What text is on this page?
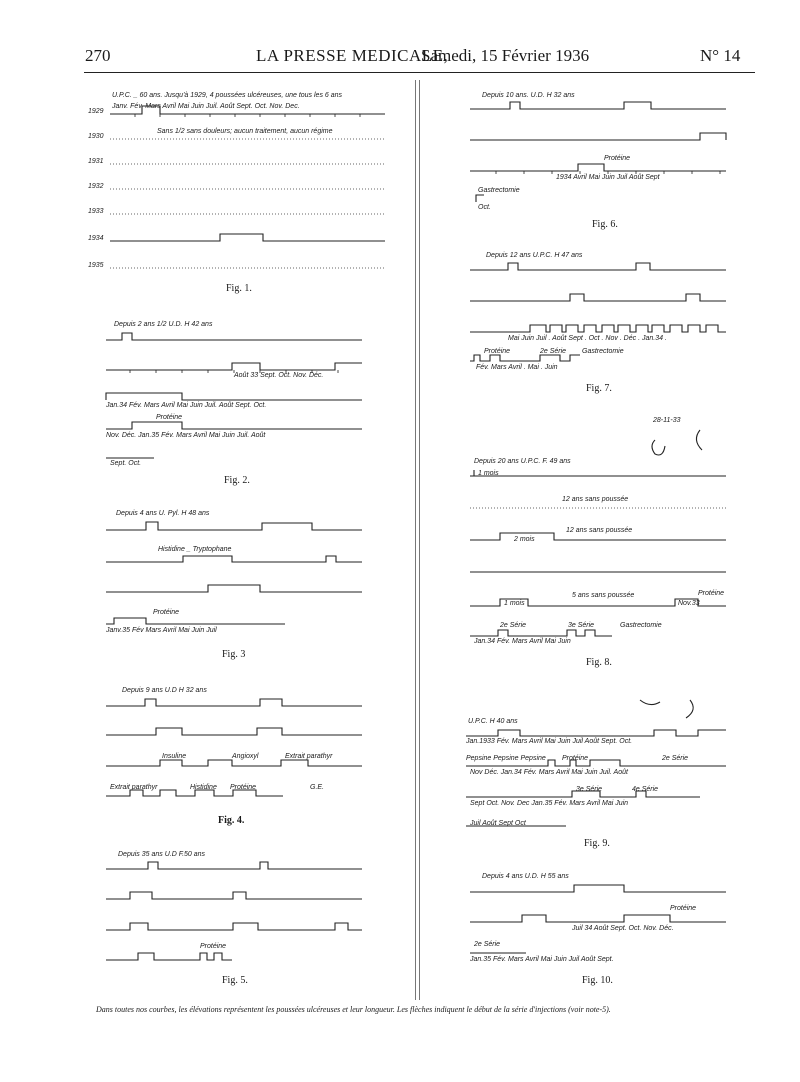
270	LA PRESSE MEDICALE,
Samedi, 15 Février 1936	N° 14
U.P.C. _ 60 ans. Jusqu'à 1929, 4 poussées ulcéreuses, une tous les 6 ans
Janv. Fév. Mars Avril Mai Juin Juil. Août Sept. Oct. Nov. Dec.
Sans 1/2 sans douleurs; aucun traitement, aucun régime
1929
1930
1931
1932
1933
1934
1935
Fig. 1.
Depuis 2 ans 1/2 U.D. H 42 ans
Août 33 Sept. Oct. Nov. Déc.
Jan.34 Fév. Mars Avril Mai Juin Juil. Août Sept. Oct.
Protéine
Nov. Déc. Jan.35 Fév. Mars Avril Mai Juin Juil. Août
Sept. Oct.
Fig. 2.
Depuis 4 ans U. Pyl. H 48 ans
Histidine _ Tryptophane
Protéine
Janv.35 Fév Mars Avril Mai Juin Juil
Fig. 3
Depuis 9 ans U.D H 32 ans
Insuline	Angioxyl	Extrait parathyr
Extrait parathyr	Histidine Protéine	G.E.
Fig. 4.
Depuis 35 ans U.D F.50 ans
Protéine
Fig. 5.
Depuis 10 ans. U.D. H 32 ans
Protéine
1934 Avril Mai Juin Juil Août Sept
Gastrectomie
Oct.
Fig. 6.
Depuis 12 ans U.P.C. H 47 ans
Mai Juin Juil . Août Sept . Oct . Nov . Déc . Jan.34 .
Protéine	2e Série Gastrectomie
Fév. Mars Avril . Mai . Juin
Fig. 7.
28-11-33
Depuis 20 ans U.P.C. F. 49 ans
1 mois
12 ans sans poussée
2 mois
12 ans sans poussée
1 mois
5 ans sans poussée
Nov.33
Protéine
2e Série	3e Série	Gastrectomie
Jan.34 Fév. Mars Avril Mai Juin
Fig. 8.
U.P.C. H 40 ans
Jan.1933 Fév. Mars Avril Mai Juin Juil Août Sept. Oct.
Pepsine Pepsine Pepsine Protéine	2e Série
Nov Déc. Jan.34 Fév. Mars Avril Mai Juin Juil. Août
3e Série	4e Série
Sept Oct. Nov. Dec Jan.35 Fév. Mars Avril Mai Juin
Juil Août Sept Oct
Fig. 9.
Depuis 4 ans U.D. H 55 ans
Protéine
Juil 34 Août Sept. Oct. Nov. Déc.
2e Série
Jan.35 Fév. Mars Avril Mai Juin Juil Août Sept.
Fig. 10.
Dans toutes nos courbes, les élévations représentent les poussées ulcéreuses et leur longueur. Les flèches indiquent le début de la série d'injections (voir note-5).
